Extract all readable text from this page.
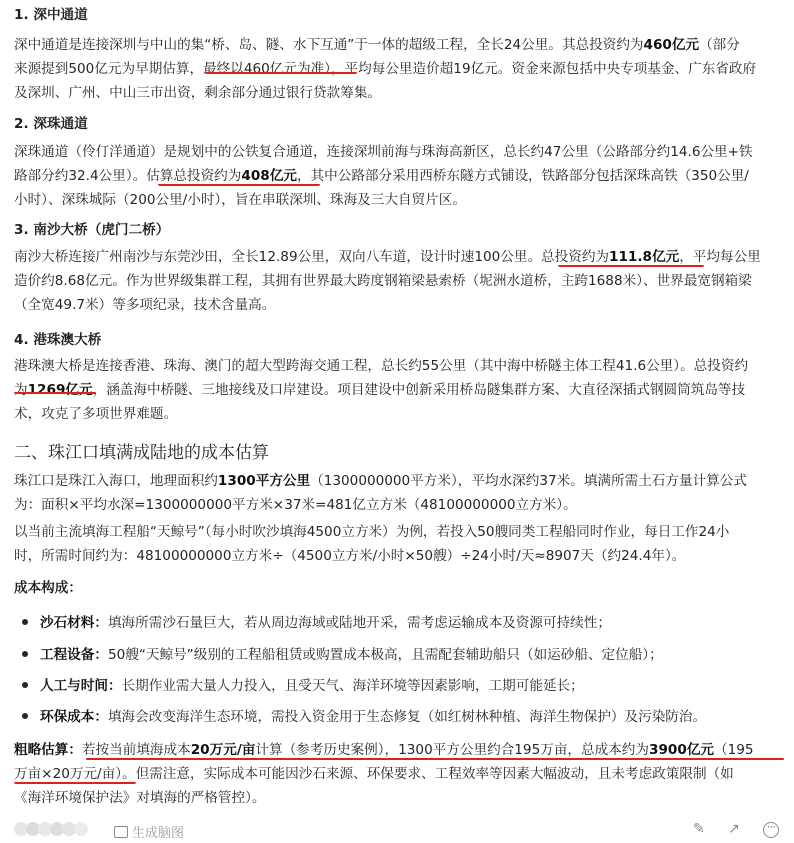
1. 深中通道
深中通道是连接深圳与中山的集“桥、岛、隧、水下互通”于一体的超级工程，全长24公里。其总投资约为460亿元（部分
来源提到500亿元为早期估算，最终以460亿元为准），平均每公里造价超19亿元。资金来源包括中央专项基金、广东省政府
及深圳、广州、中山三市出资，剩余部分通过银行贷款筹集。
2. 深珠通道
深珠通道（伶仃洋通道）是规划中的公铁复合通道，连接深圳前海与珠海高新区，总长约47公里（公路部分约14.6公里+铁
路部分约32.4公里）。估算总投资约为408亿元，其中公路部分采用西桥东隧方式铺设，铁路部分包括深珠高铁（350公里/
小时）、深珠城际（200公里/小时），旨在串联深圳、珠海及三大自贸片区。
3. 南沙大桥（虎门二桥）
南沙大桥连接广州南沙与东莞沙田，全长12.89公里，双向八车道，设计时速100公里。总投资约为111.8亿元，平均每公里
造价约8.68亿元。作为世界级集群工程，其拥有世界最大跨度钢箱梁悬索桥（坭洲水道桥，主跨1688米）、世界最宽钢箱梁
（全宽49.7米）等多项纪录，技术含量高。
4. 港珠澳大桥
港珠澳大桥是连接香港、珠海、澳门的超大型跨海交通工程，总长约55公里（其中海中桥隧主体工程41.6公里）。总投资约
为1269亿元，涵盖海中桥隧、三地接线及口岸建设。项目建设中创新采用桥岛隧集群方案、大直径深插式钢圆筒筑岛等技
术，攻克了多项世界难题。
二、珠江口填满成陆地的成本估算
珠江口是珠江入海口，地理面积约1300平方公里（1300000000平方米），平均水深约37米。填满所需土石方量计算公式
为：面积×平均水深=1300000000平方米×37米=481亿立方米（48100000000立方米）。
以当前主流填海工程船“天鲸号”（每小时吹沙填海4500立方米）为例，若投入50艘同类工程船同时作业，每日工作24小
时，所需时间约为：48100000000立方米÷（4500立方米/小时×50艘）÷24小时/天≈8907天（约24.4年）。
成本构成：
沙石材料：填海所需沙石量巨大，若从周边海域或陆地开采，需考虑运输成本及资源可持续性；
工程设备：50艘“天鲸号”级别的工程船租赁或购置成本极高，且需配套辅助船只（如运砂船、定位船）；
人工与时间：长期作业需大量人力投入，且受天气、海洋环境等因素影响，工期可能延长；
环保成本：填海会改变海洋生态环境，需投入资金用于生态修复（如红树林种植、海洋生物保护）及污染防治。
粗略估算：若按当前填海成本20万元/亩计算（参考历史案例），1300平方公里约合195万亩，总成本约为3900亿元（195
万亩×20万元/亩）。但需注意，实际成本可能因沙石来源、环保要求、工程效率等因素大幅波动，且未考虑政策限制（如
《海洋环境保护法》对填海的严格管控）。
生成脑图	✎ ↗	···
